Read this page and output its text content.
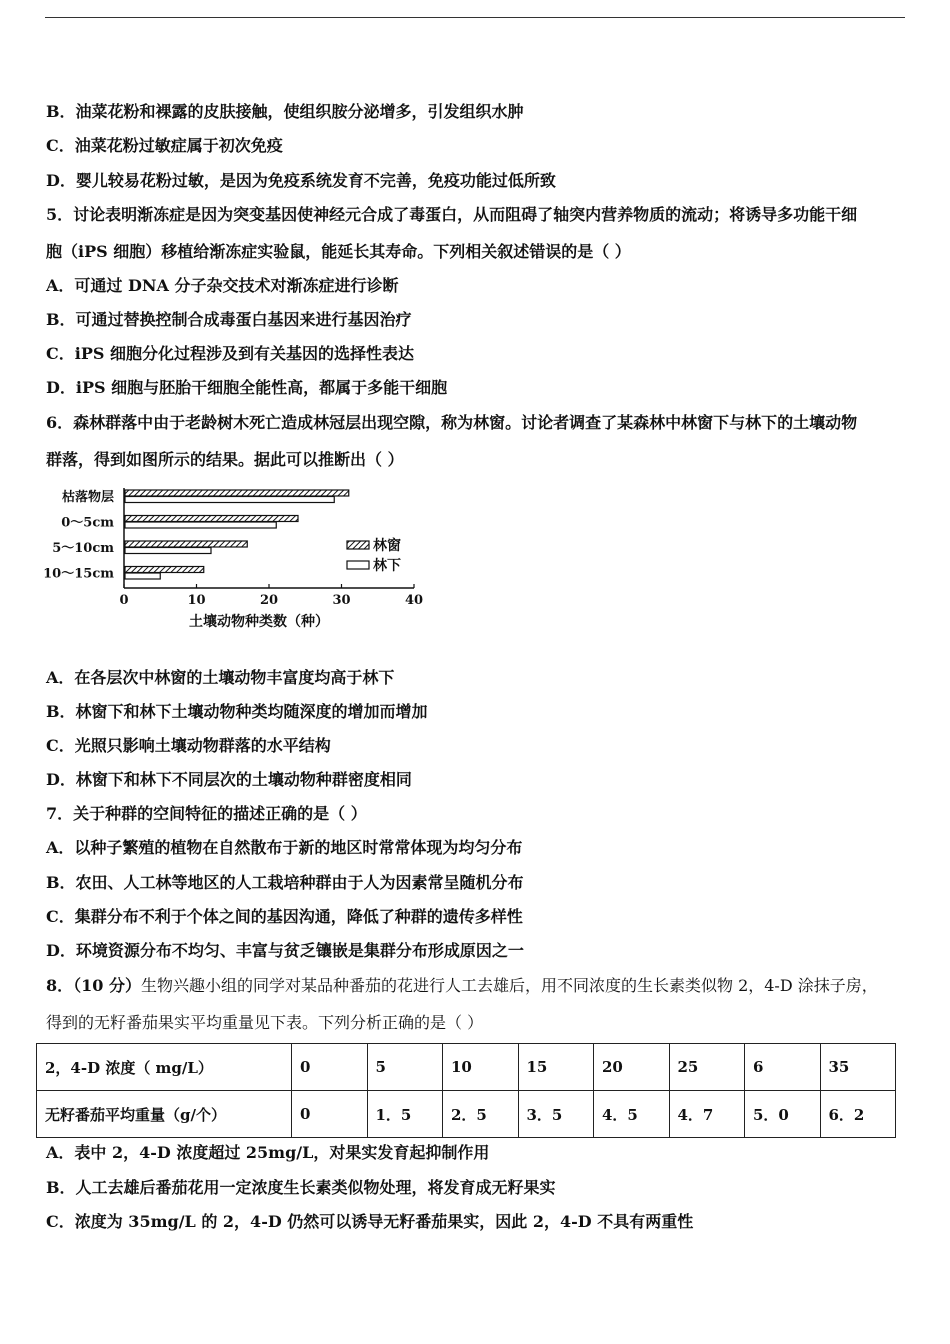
B．油菜花粉和裸露的皮肤接触，使组织胺分泌增多，引发组织水肿
C．油菜花粉过敏症属于初次免疫
D．婴儿较易花粉过敏，是因为免疫系统发育不完善，免疫功能过低所致
5．讨论表明渐冻症是因为突变基因使神经元合成了毒蛋白，从而阻碍了轴突内营养物质的流动；将诱导多功能干细
胞（iPS 细胞）移植给渐冻症实验鼠，能延长其寿命。下列相关叙述错误的是（ ）
A．可通过 DNA 分子杂交技术对渐冻症进行诊断
B．可通过替换控制合成毒蛋白基因来进行基因治疗
C．iPS 细胞分化过程涉及到有关基因的选择性表达
D．iPS 细胞与胚胎干细胞全能性高，都属于多能干细胞
6．森林群落中由于老龄树木死亡造成林冠层出现空隙，称为林窗。讨论者调查了某森林中林窗下与林下的土壤动物
群落，得到如图所示的结果。据此可以推断出（ ）
枯落物层
0～5cm
5～10cm
10～15cm
0	10	20	30	40
林窗
林下
土壤动物种类数（种）
A．在各层次中林窗的土壤动物丰富度均高于林下
B．林窗下和林下土壤动物种类均随深度的增加而增加
C．光照只影响土壤动物群落的水平结构
D．林窗下和林下不同层次的土壤动物种群密度相同
7．关于种群的空间特征的描述正确的是（ ）
A．以种子繁殖的植物在自然散布于新的地区时常常体现为均匀分布
B．农田、人工林等地区的人工栽培种群由于人为因素常呈随机分布
C．集群分布不利于个体之间的基因沟通，降低了种群的遗传多样性
D．环境资源分布不均匀、丰富与贫乏镶嵌是集群分布形成原因之一
8．（10 分）生物兴趣小组的同学对某品种番茄的花进行人工去雄后，用不同浓度的生长素类似物 2，4-D 涂抹子房，
得到的无籽番茄果实平均重量见下表。下列分析正确的是（ ）
2，4-D 浓度（ mg/L）	0	5	10	15	20	25	6	35
无籽番茄平均重量（g/个）	0	1．5	2．5	3．5	4．5	4．7	5．0	6．2
A．表中 2，4-D 浓度超过 25mg/L，对果实发育起抑制作用
B．人工去雄后番茄花用一定浓度生长素类似物处理，将发育成无籽果实
C．浓度为 35mg/L 的 2，4-D 仍然可以诱导无籽番茄果实，因此 2，4-D 不具有两重性
